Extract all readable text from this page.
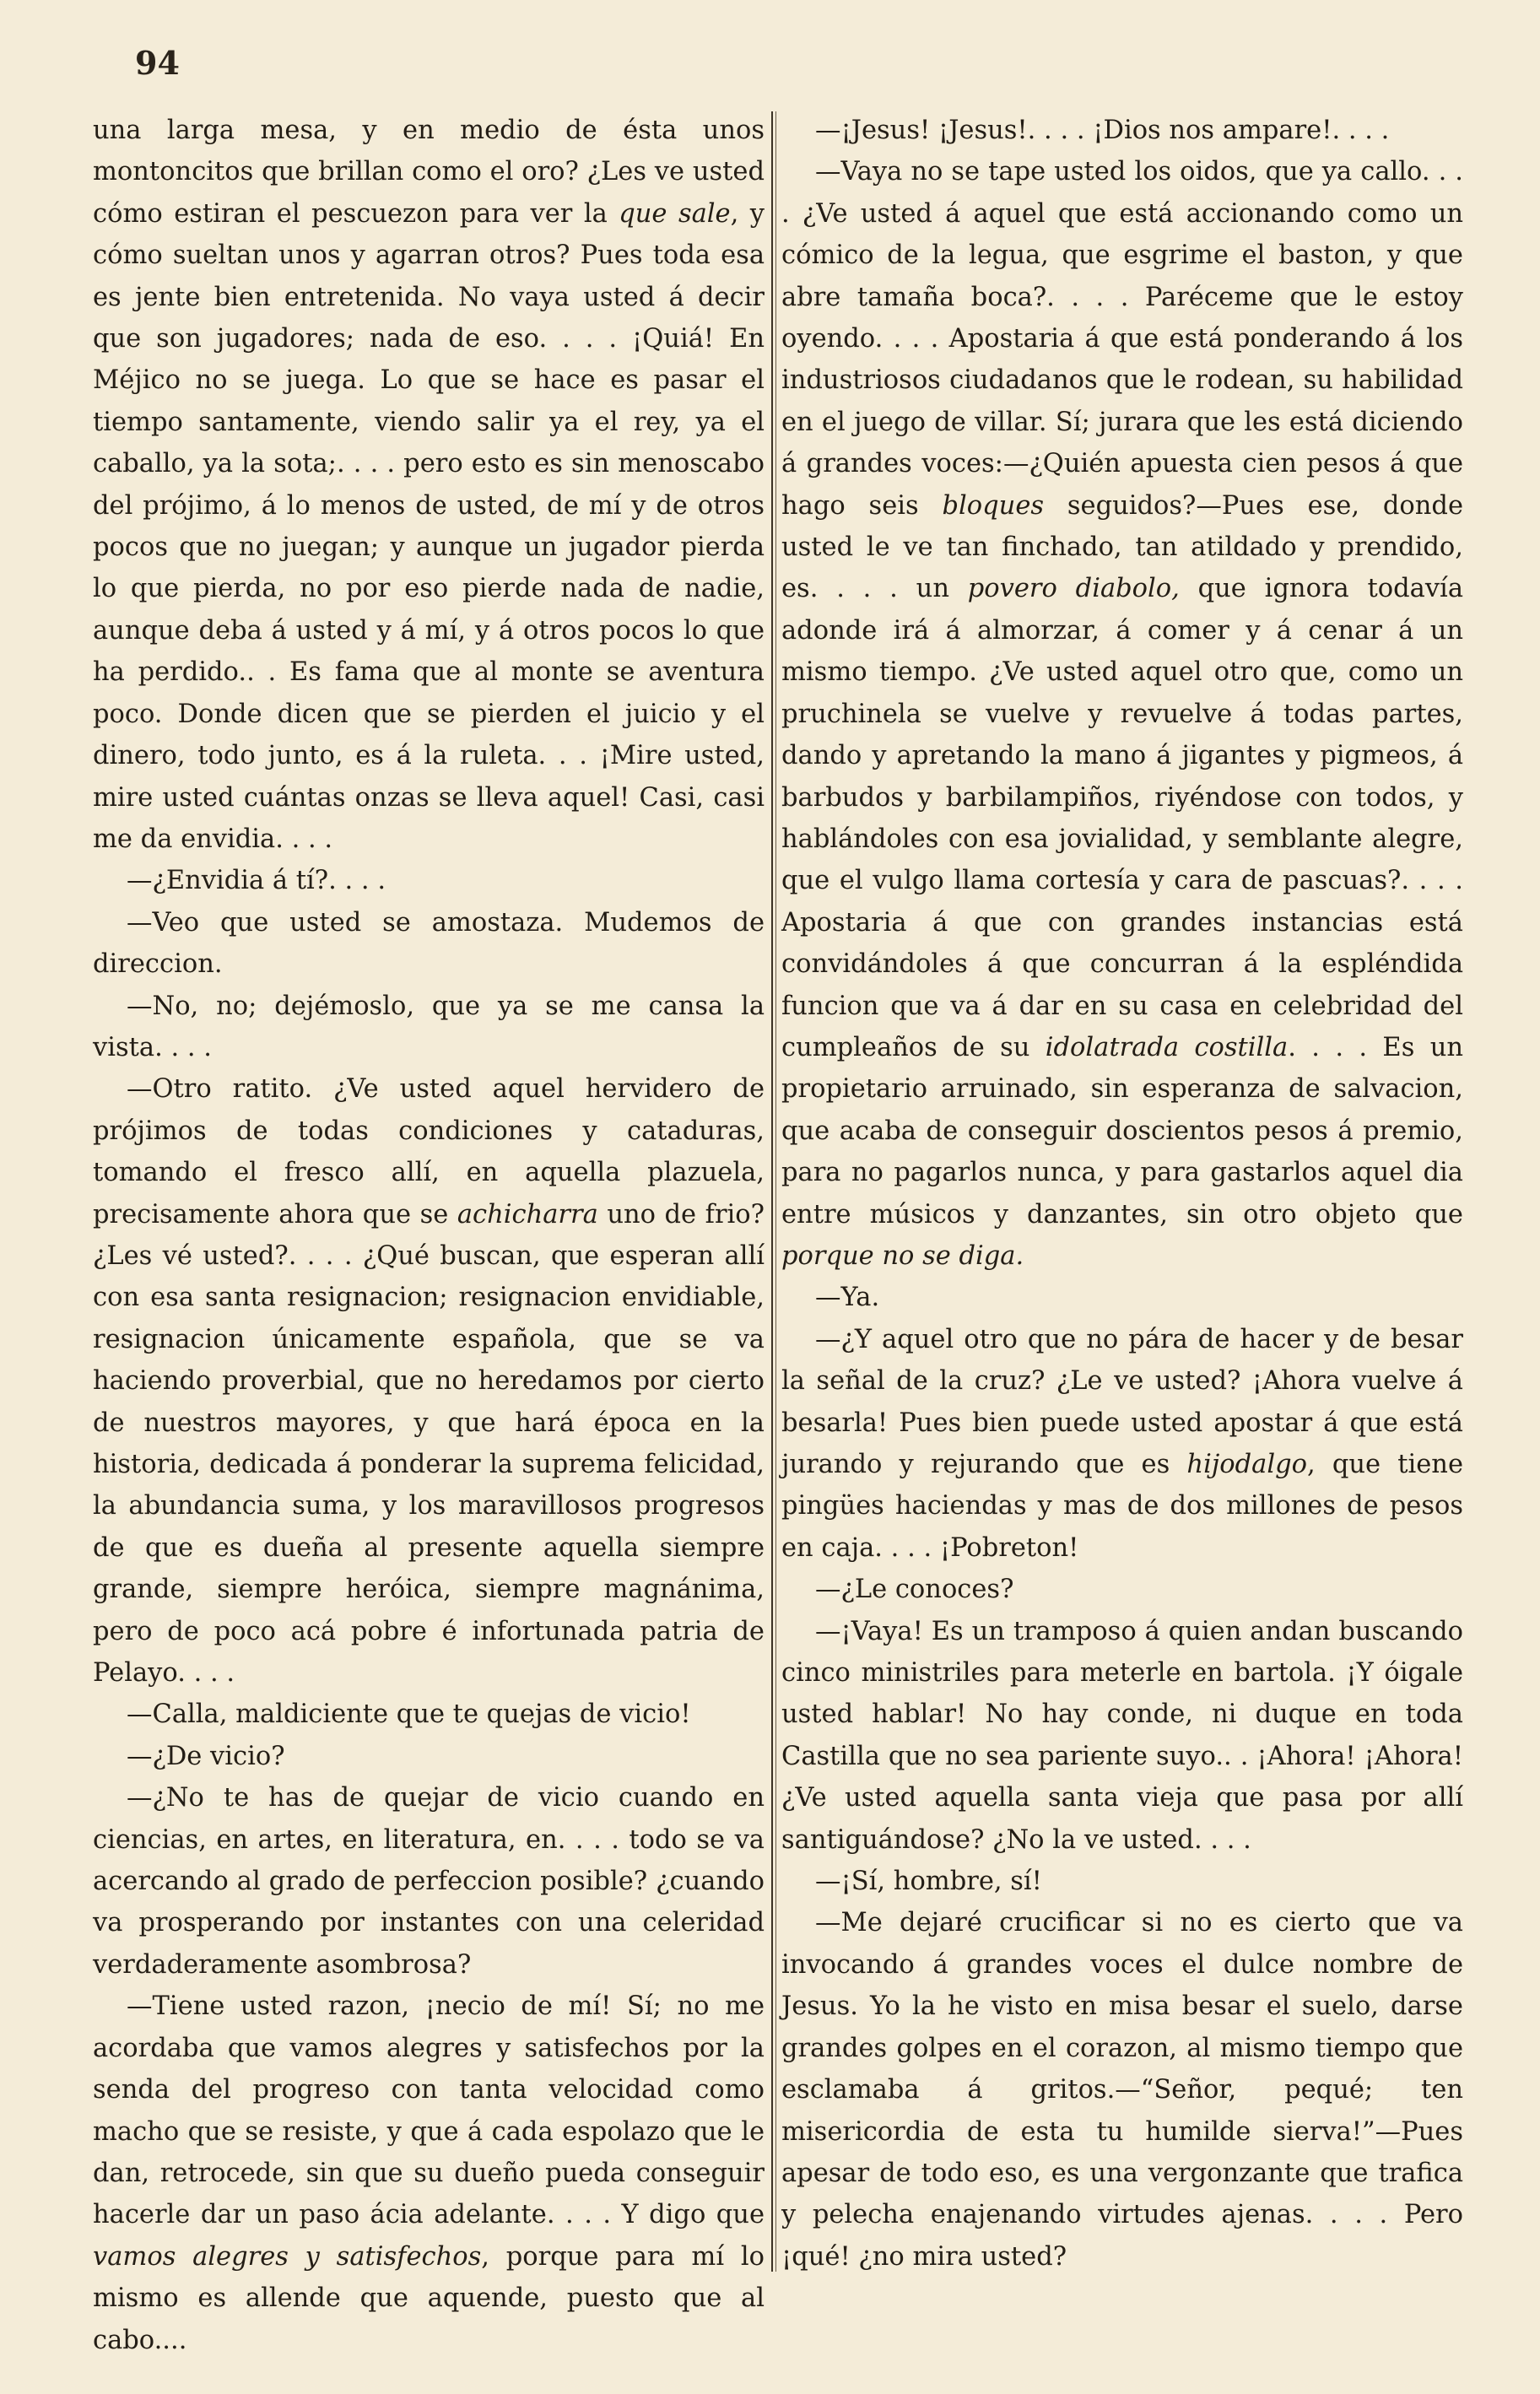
94

una larga mesa, y en medio de ésta unos montoncitos que brillan como el oro? ¿Les ve usted cómo estiran el pescuezon para ver la que sale, y cómo sueltan unos y agarran otros? Pues toda esa es jente bien entretenida. No vaya usted á decir que son jugadores; nada de eso. . . . ¡Quiá! En Méjico no se juega. Lo que se hace es pasar el tiempo santamente, viendo salir ya el rey, ya el caballo, ya la sota;. . . . pero esto es sin menoscabo del prójimo, á lo menos de usted, de mí y de otros pocos que no juegan; y aunque un jugador pierda lo que pierda, no por eso pierde nada de nadie, aunque deba á usted y á mí, y á otros pocos lo que ha perdido.. . Es fama que al monte se aventura poco. Donde dicen que se pierden el juicio y el dinero, todo junto, es á la ruleta. . . ¡Mire usted, mire usted cuántas onzas se lleva aquel! Casi, casi me da envidia. . . .

—¿Envidia á tí?. . . .

—Veo que usted se amostaza. Mudemos de direccion.

—No, no; dejémoslo, que ya se me cansa la vista. . . .

—Otro ratito. ¿Ve usted aquel hervidero de prójimos de todas condiciones y cataduras, tomando el fresco allí, en aquella plazuela, precisamente ahora que se achicharra uno de frio? ¿Les vé usted?. . . . ¿Qué buscan, que esperan allí con esa santa resignacion; resignacion envidiable, resignacion únicamente española, que se va haciendo proverbial, que no heredamos por cierto de nuestros mayores, y que hará época en la historia, dedicada á ponderar la suprema felicidad, la abundancia suma, y los maravillosos progresos de que es dueña al presente aquella siempre grande, siempre heróica, siempre magnánima, pero de poco acá pobre é infortunada patria de Pelayo. . . .

—Calla, maldiciente que te quejas de vicio!

—¿De vicio?

—¿No te has de quejar de vicio cuando en ciencias, en artes, en literatura, en. . . . todo se va acercando al grado de perfeccion posible? ¿cuando va prosperando por instantes con una celeridad verdaderamente asombrosa?

—Tiene usted razon, ¡necio de mí! Sí; no me acordaba que vamos alegres y satisfechos por la senda del progreso con tanta velocidad como macho que se resiste, y que á cada espolazo que le dan, retrocede, sin que su dueño pueda conseguir hacerle dar un paso ácia adelante. . . . Y digo que vamos alegres y satisfechos, porque para mí lo mismo es allende que aquende, puesto que al cabo....

—¡Jesus! ¡Jesus!. . . . ¡Dios nos ampare!. . . .

—Vaya no se tape usted los oidos, que ya callo. . . . ¿Ve usted á aquel que está accionando como un cómico de la legua, que esgrime el baston, y que abre tamaña boca?. . . . Paréceme que le estoy oyendo. . . . Apostaria á que está ponderando á los industriosos ciudadanos que le rodean, su habilidad en el juego de villar. Sí; jurara que les está diciendo á grandes voces:—¿Quién apuesta cien pesos á que hago seis bloques seguidos?—Pues ese, donde usted le ve tan finchado, tan atildado y prendido, es. . . . un povero diabolo, que ignora todavía adonde irá á almorzar, á comer y á cenar á un mismo tiempo. ¿Ve usted aquel otro que, como un pruchinela se vuelve y revuelve á todas partes, dando y apretando la mano á jigantes y pigmeos, á barbudos y barbilampiños, riyéndose con todos, y hablándoles con esa jovialidad, y semblante alegre, que el vulgo llama cortesía y cara de pascuas?. . . . Apostaria á que con grandes instancias está convidándoles á que concurran á la espléndida funcion que va á dar en su casa en celebridad del cumpleaños de su idolatrada costilla. . . . Es un propietario arruinado, sin esperanza de salvacion, que acaba de conseguir doscientos pesos á premio, para no pagarlos nunca, y para gastarlos aquel dia entre músicos y danzantes, sin otro objeto que porque no se diga.

—Ya.

—¿Y aquel otro que no pára de hacer y de besar la señal de la cruz? ¿Le ve usted? ¡Ahora vuelve á besarla! Pues bien puede usted apostar á que está jurando y rejurando que es hijodalgo, que tiene pingües haciendas y mas de dos millones de pesos en caja. . . . ¡Pobreton!

—¿Le conoces?

—¡Vaya! Es un tramposo á quien andan buscando cinco ministriles para meterle en bartola. ¡Y óigale usted hablar! No hay conde, ni duque en toda Castilla que no sea pariente suyo.. . ¡Ahora! ¡Ahora! ¿Ve usted aquella santa vieja que pasa por allí santiguándose? ¿No la ve usted. . . .

—¡Sí, hombre, sí!

—Me dejaré crucificar si no es cierto que va invocando á grandes voces el dulce nombre de Jesus. Yo la he visto en misa besar el suelo, darse grandes golpes en el corazon, al mismo tiempo que esclamaba á gritos.—“Señor, pequé; ten misericordia de esta tu humilde sierva!”—Pues apesar de todo eso, es una vergonzante que trafica y pelecha enajenando virtudes ajenas. . . . Pero ¡qué! ¿no mira usted?
